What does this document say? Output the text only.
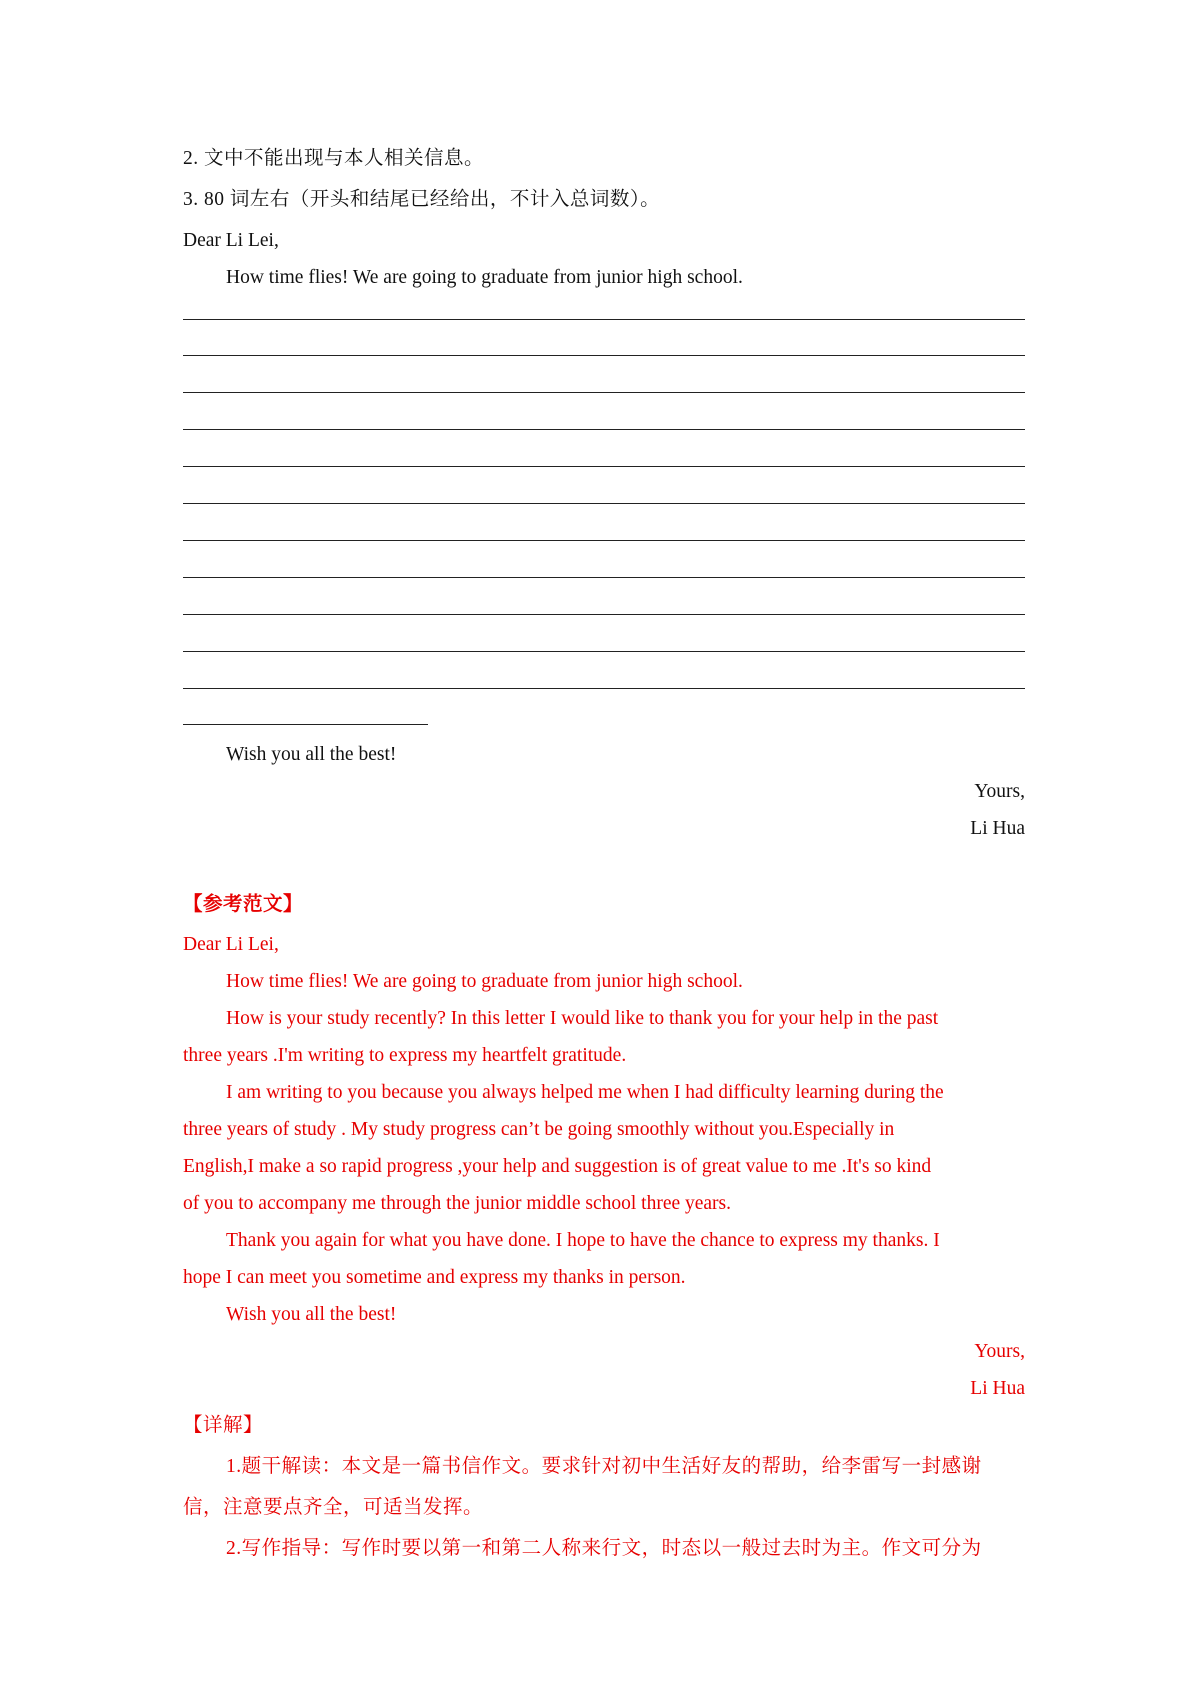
2. 文中不能出现与本人相关信息。
3. 80 词左右（开头和结尾已经给出，不计入总词数）。
Dear Li Lei,
How time flies! We are going to graduate from junior high school.
Wish you all the best!
Yours,
Li Hua
【参考范文】
Dear Li Lei,
How time flies! We are going to graduate from junior high school.
How is your study recently? In this letter I would like to thank you for your help in the past
three years .I'm writing to express my heartfelt gratitude.
I am writing to you because you always helped me when I had difficulty learning during the
three years of study . My study progress can’t be going smoothly without you.Especially in
English,I make a so rapid progress ,your help and suggestion is of great value to me .It's so kind
of you to accompany me through the junior middle school three years.
Thank you again for what you have done. I hope to have the chance to express my thanks. I
hope I can meet you sometime and express my thanks in person.
Wish you all the best!
Yours,
Li Hua
【详解】
1.题干解读：本文是一篇书信作文。要求针对初中生活好友的帮助，给李雷写一封感谢
信，注意要点齐全，可适当发挥。
2.写作指导：写作时要以第一和第二人称来行文，时态以一般过去时为主。作文可分为
